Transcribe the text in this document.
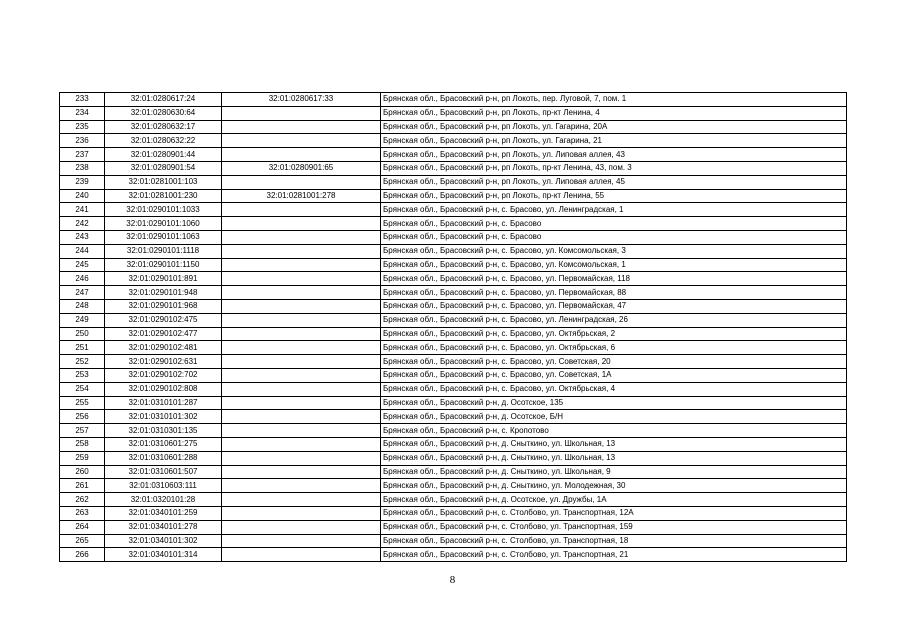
233	32:01:0280617:24	32:01:0280617:33	Брянская обл., Брасовский р-н, рп Локоть, пер. Луговой, 7, пом. 1
234	32:01:0280630:64		Брянская обл., Брасовский р-н, рп Локоть, пр-кт Ленина, 4
235	32:01:0280632:17		Брянская обл., Брасовский р-н, рп Локоть, ул. Гагарина, 20А
236	32:01:0280632:22		Брянская обл., Брасовский р-н, рп Локоть, ул. Гагарина, 21
237	32:01:0280901:44		Брянская обл., Брасовский р-н, рп Локоть, ул. Липовая аллея, 43
238	32:01:0280901:54	32:01:0280901:65	Брянская обл., Брасовский р-н, рп Локоть, пр-кт Ленина, 43, пом. 3
239	32:01:0281001:103		Брянская обл., Брасовский р-н, рп Локоть, ул. Липовая аллея, 45
240	32:01:0281001:230	32:01:0281001:278	Брянская обл., Брасовский р-н, рп Локоть, пр-кт Ленина, 55
241	32:01:0290101:1033		Брянская обл., Брасовский р-н, с. Брасово, ул. Ленинградская, 1
242	32:01:0290101:1060		Брянская обл., Брасовский р-н, с. Брасово
243	32:01:0290101:1063		Брянская обл., Брасовский р-н, с. Брасово
244	32:01:0290101:1118		Брянская обл., Брасовский р-н, с. Брасово, ул. Комсомольская, 3
245	32:01:0290101:1150		Брянская обл., Брасовский р-н, с. Брасово, ул. Комсомольская, 1
246	32:01:0290101:891		Брянская обл., Брасовский р-н, с. Брасово, ул. Первомайская, 118
247	32:01:0290101:948		Брянская обл., Брасовский р-н, с. Брасово, ул. Первомайская, 88
248	32:01:0290101:968		Брянская обл., Брасовский р-н, с. Брасово, ул. Первомайская, 47
249	32:01:0290102:475		Брянская обл., Брасовский р-н, с. Брасово, ул. Ленинградская, 26
250	32:01:0290102:477		Брянская обл., Брасовский р-н, с. Брасово, ул. Октябрьская, 2
251	32:01:0290102:481		Брянская обл., Брасовский р-н, с. Брасово, ул. Октябрьская, 6
252	32:01:0290102:631		Брянская обл., Брасовский р-н, с. Брасово, ул. Советская, 20
253	32:01:0290102:702		Брянская обл., Брасовский р-н, с. Брасово, ул. Советская, 1А
254	32:01:0290102:808		Брянская обл., Брасовский р-н, с. Брасово, ул. Октябрьская, 4
255	32:01:0310101:287		Брянская обл., Брасовский р-н, д. Осотское, 135
256	32:01:0310101:302		Брянская обл., Брасовский р-н, д. Осотское, Б/Н
257	32:01:0310301:135		Брянская обл., Брасовский р-н, с. Кропотово
258	32:01:0310601:275		Брянская обл., Брасовский р-н, д. Сныткино, ул. Школьная, 13
259	32:01:0310601:288		Брянская обл., Брасовский р-н, д. Сныткино, ул. Школьная, 13
260	32:01:0310601:507		Брянская обл., Брасовский р-н, д. Сныткино, ул. Школьная, 9
261	32:01:0310603:111		Брянская обл., Брасовский р-н, д. Сныткино, ул. Молодежная, 30
262	32:01:0320101:28		Брянская обл., Брасовский р-н, д. Осотское, ул. Дружбы, 1А
263	32:01:0340101:259		Брянская обл., Брасовский р-н, с. Столбово, ул. Транспортная, 12А
264	32:01:0340101:278		Брянская обл., Брасовский р-н, с. Столбово, ул. Транспортная, 159
265	32:01:0340101:302		Брянская обл., Брасовский р-н, с. Столбово, ул. Транспортная, 18
266	32:01:0340101:314		Брянская обл., Брасовский р-н, с. Столбово, ул. Транспортная, 21
8
